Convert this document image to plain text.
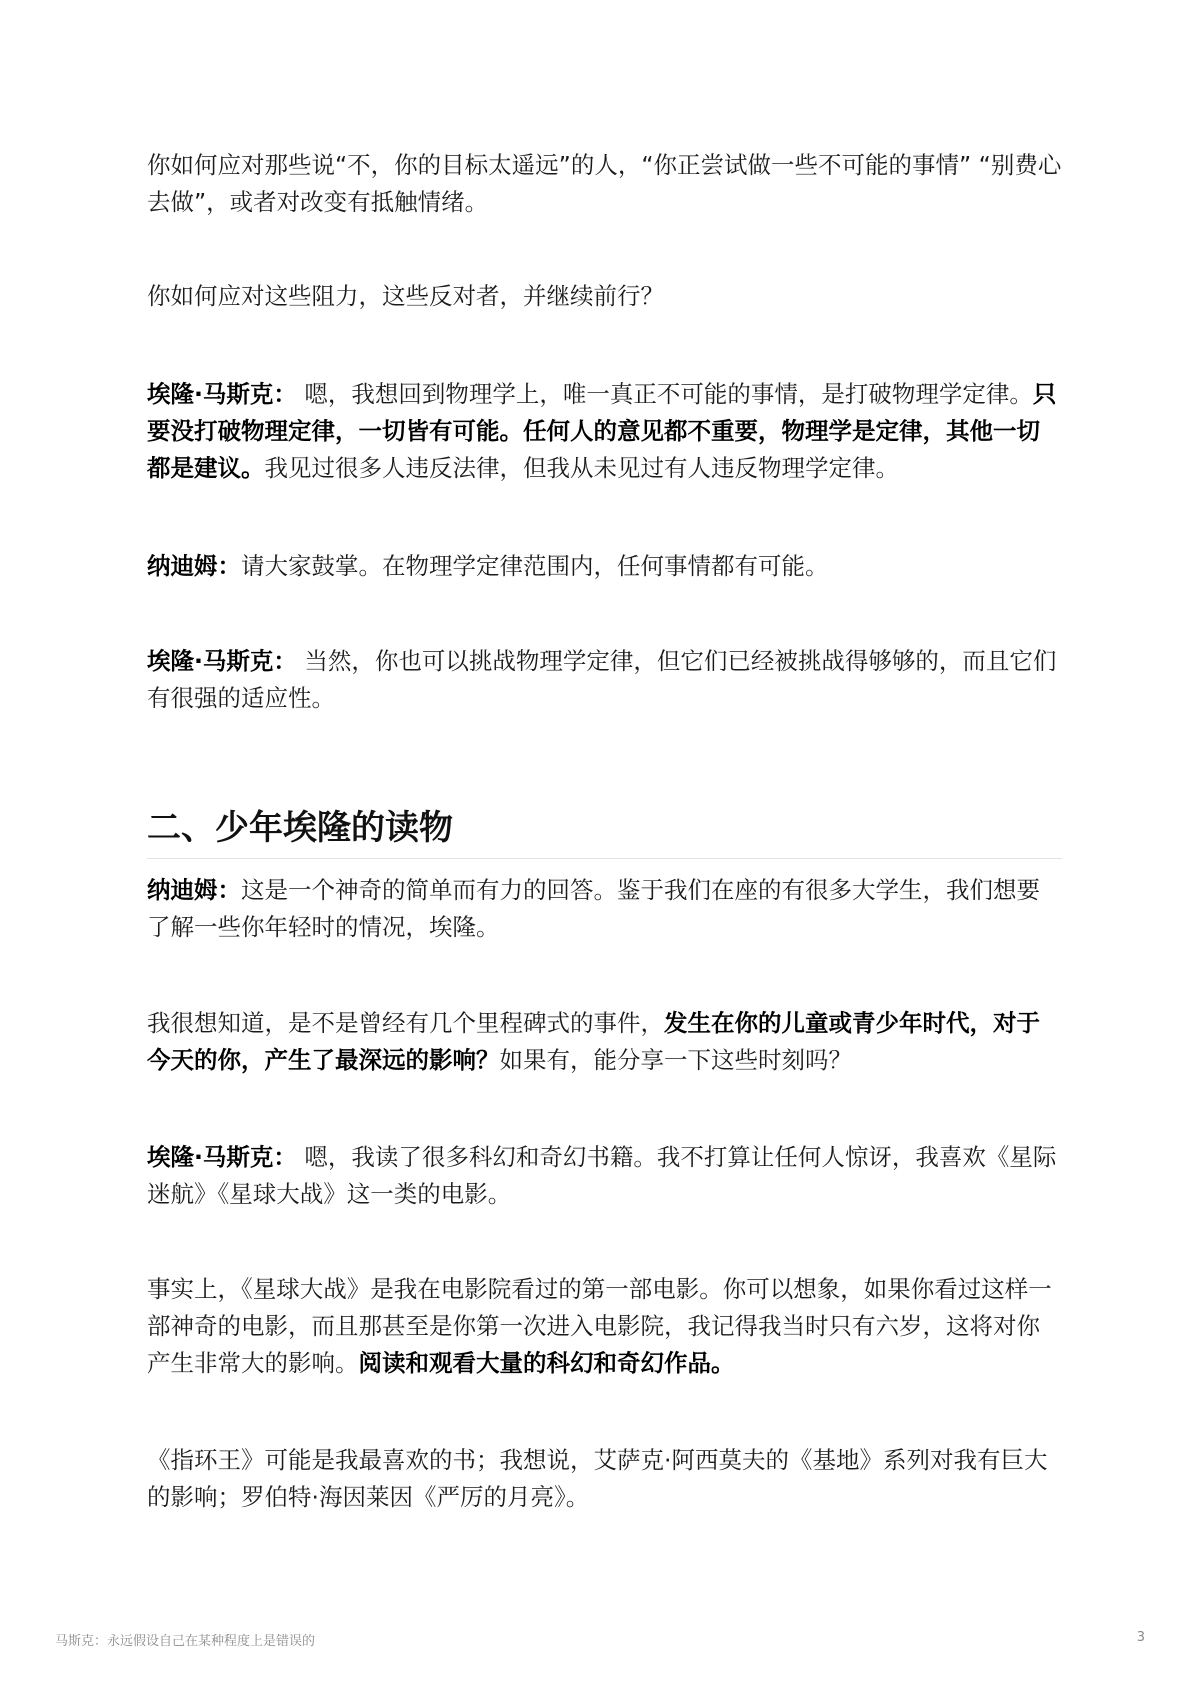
你如何应对那些说“不，你的目标太遥远”的人，“你正尝试做一些不可能的事情” “别费心去做”，或者对改变有抵触情绪。
你如何应对这些阻力，这些反对者，并继续前行？
埃隆·马斯克： 嗯，我想回到物理学上，唯一真正不可能的事情，是打破物理学定律。只要没打破物理定律，一切皆有可能。任何人的意见都不重要，物理学是定律，其他一切都是建议。我见过很多人违反法律，但我从未见过有人违反物理学定律。
纳迪姆：请大家鼓掌。在物理学定律范围内，任何事情都有可能。
埃隆·马斯克： 当然，你也可以挑战物理学定律，但它们已经被挑战得够够的，而且它们有很强的适应性。
二、少年埃隆的读物
纳迪姆：这是一个神奇的简单而有力的回答。鉴于我们在座的有很多大学生，我们想要了解一些你年轻时的情况，埃隆。
我很想知道，是不是曾经有几个里程碑式的事件，发生在你的儿童或青少年时代，对于今天的你，产生了最深远的影响？如果有，能分享一下这些时刻吗？
埃隆·马斯克： 嗯，我读了很多科幻和奇幻书籍。我不打算让任何人惊讶，我喜欢《星际迷航》《星球大战》这一类的电影。
事实上，《星球大战》是我在电影院看过的第一部电影。你可以想象，如果你看过这样一部神奇的电影，而且那甚至是你第一次进入电影院，我记得我当时只有六岁，这将对你产生非常大的影响。阅读和观看大量的科幻和奇幻作品。
《指环王》可能是我最喜欢的书；我想说，艾萨克·阿西莫夫的《基地》系列对我有巨大的影响；罗伯特·海因莱因《严厉的月亮》。
马斯克：永远假设自己在某种程度上是错误的	3
